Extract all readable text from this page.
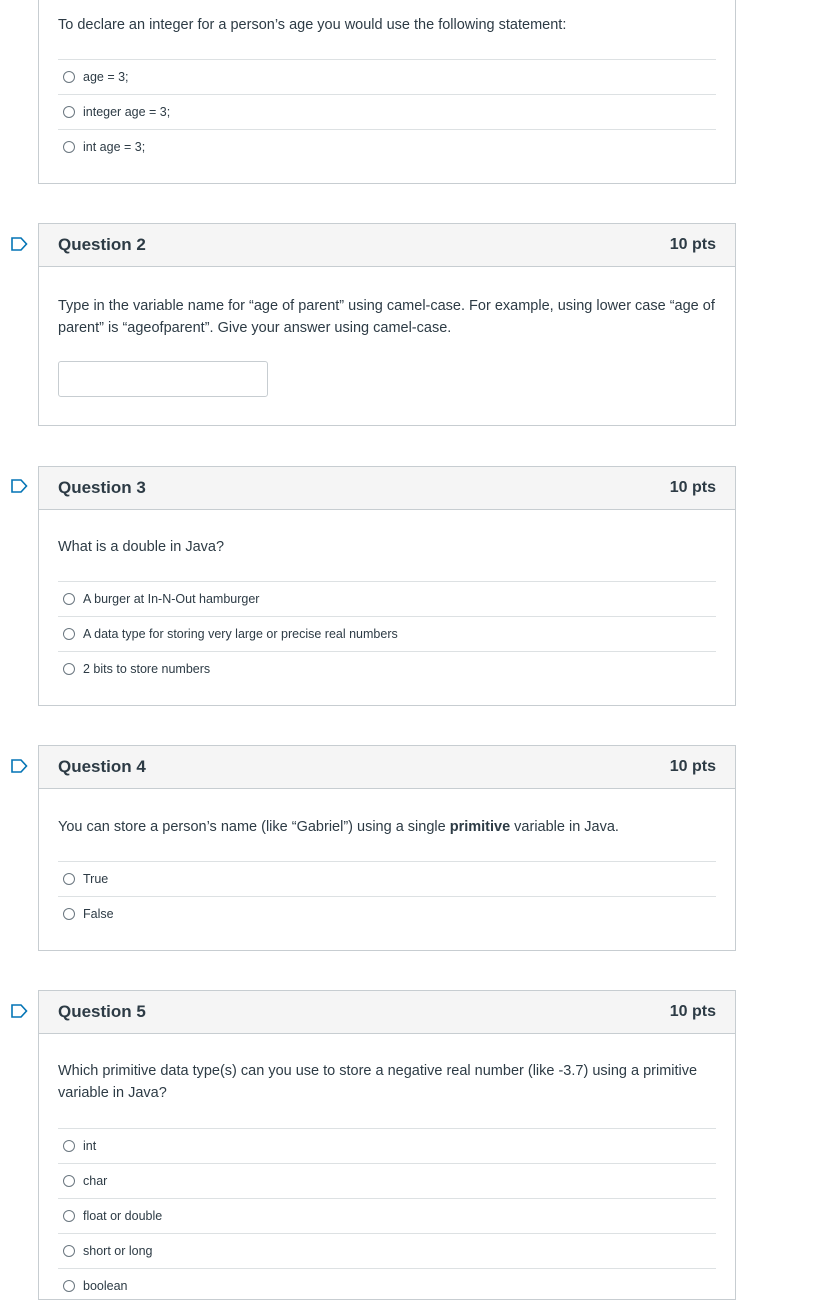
To declare an integer for a person’s age you would use the following statement:
age = 3;
integer age = 3;
int age = 3;
Question 2	10 pts
Type in the variable name for “age of parent” using camel-case. For example, using lower case “age of parent” is “ageofparent”. Give your answer using camel-case.
Question 3	10 pts
What is a double in Java?
A burger at In-N-Out hamburger
A data type for storing very large or precise real numbers
2 bits to store numbers
Question 4	10 pts
You can store a person’s name (like “Gabriel”) using a single primitive variable in Java.
True
False
Question 5	10 pts
Which primitive data type(s) can you use to store a negative real number (like -3.7) using a primitive variable in Java?
int
char
float or double
short or long
boolean
